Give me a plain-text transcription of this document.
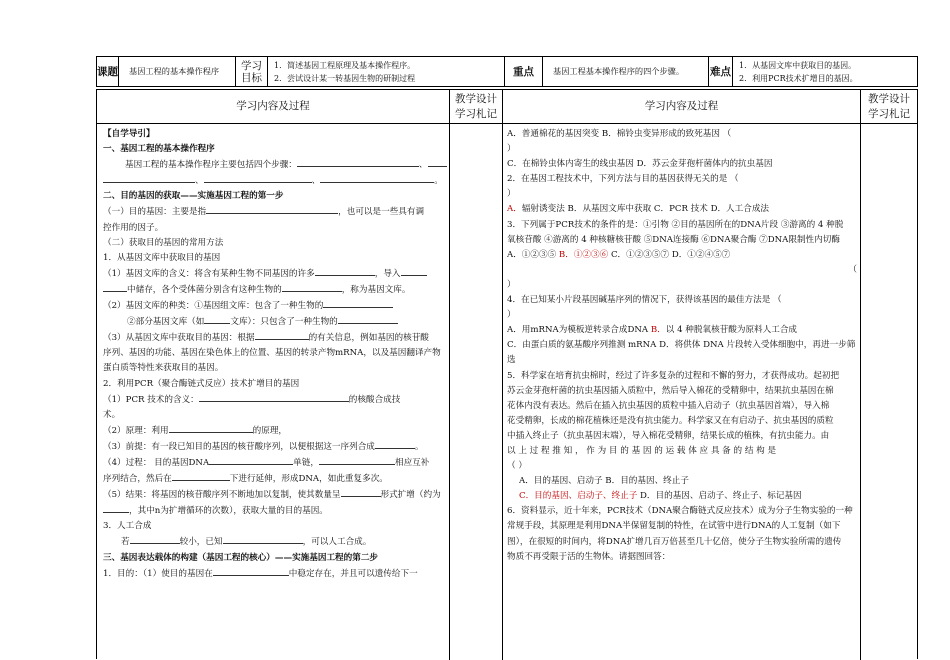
课题	基因工程的基本操作程序	学习目标
1．简述基因工程原理及基本操作程序。
2．尝试设计某一转基因生物的研制过程
重点	基因工程基本操作程序的四个步骤。	难点
1．从基因文库中获取目的基因。
2．利用PCR技术扩增目的基因。
学习内容及过程
教学设计学习札记
学习内容及过程
教学设计学习札记

【自学导引】

一、基因工程的基本操作程序

基因工程的基本操作程序主要包括四个步骤：	、

、	、	。

二、目的基因的获取——实施基因工程的第一步

（一）目的基因：主要是指	，也可以是一些具有调

控作用的因子。

（二）获取目的基因的常用方法

1．从基因文库中获取目的基因

（1）基因文库的含义：将含有某种生物不同基因的许多	，导入

中储存，各个受体菌分别含有这种生物的	，称为基因文库。

（2）基因文库的种类：①基因组文库：包含了一种生物的

②部分基因文库（如	文库）：只包含了一种生物的

（3）从基因文库中获取目的基因：根据	的有关信息，例如基因的核苷酸

序列、基因的功能、基因在染色体上的位置、基因的转录产物mRNA，以及基因翻译产物

蛋白质等特性来获取目的基因。

2．利用PCR（聚合酶链式反应）技术扩增目的基因

（1）PCR 技术的含义：	的核酸合成技

术。

（2）原理：利用	的原理，

（3）前提：有一段已知目的基因的核苷酸序列，以便根据这一序列合成	。

（4）过程： 目的基因DNA	单链，	相应互补

序列结合，然后在	下进行延伸，形成DNA，如此重复多次。

（5）结果：将基因的核苷酸序列不断地加以复制，使其数量呈	形式扩增（约为

，其中n为扩增循环的次数），获取大量的目的基因。

3．人工合成

若	较小，已知	，可以人工合成。

三、基因表达载体的构建（基因工程的核心）——实施基因工程的第二步

1．目的：（1）使目的基因在	中稳定存在，并且可以遗传给下一

A．普通棉花的基因突变 B．棉铃虫变异形成的致死基因 （

）

C．在棉铃虫体内寄生的线虫基因 D．苏云金芽孢杆菌体内的抗虫基因

2．在基因工程技术中，下列方法与目的基因获得无关的是 （

）

A．辐射诱变法 B．从基因文库中获取 C．PCR 技术 D．人工合成法

3．下列属于PCR技术的条件的是：①引物 ②目的基因所在的DNA片段 ③游离的 4 种脱

氧核苷酸 ④游离的 4 种核糖核苷酸 ⑤DNA连接酶 ⑥DNA聚合酶 ⑦DNA限制性内切酶

A．①②③⑤ B．①②③⑥ C．①②③⑤⑦ D．①②④⑤⑦

（

）

4．在已知某小片段基因碱基序列的情况下，获得该基因的最佳方法是 （

）

A．用mRNA为模板逆转录合成DNA B．以 4 种脱氧核苷酸为原料人工合成

C．由蛋白质的氨基酸序列推测 mRNA D．将供体 DNA 片段转入受体细胞中，再进一步筛

选

5．科学家在培育抗虫棉时，经过了许多复杂的过程和不懈的努力，才获得成功。起初把

苏云金芽孢杆菌的抗虫基因插入质粒中，然后导入棉花的受精卵中，结果抗虫基因在棉

花体内没有表达。然后在插入抗虫基因的质粒中插入启动子（抗虫基因首端），导入棉

花受精卵，长成的棉花植株还是没有抗虫能力。科学家又在有启动子、抗虫基因的质粒

中插入终止子（抗虫基因末端），导入棉花受精卵，结果长成的植株，有抗虫能力。由

以 上 过 程 推 知 ， 作 为 目 的 基 因 的 运 载 体 应 具 备 的 结 构 是

（ ）

A．目的基因、启动子 B．目的基因、终止子

C．目的基因、启动子、终止子 D．目的基因、启动子、终止子、标记基因

6．资料显示，近十年来，PCR技术（DNA聚合酶链式反应技术）成为分子生物实验的一种

常规手段，其原理是利用DNA半保留复制的特性，在试管中进行DNA的人工复制（如下

图），在很短的时间内，将DNA扩增几百万倍甚至几十亿倍，使分子生物实验所需的遗传

物质不再受限于活的生物体。请据图回答：
